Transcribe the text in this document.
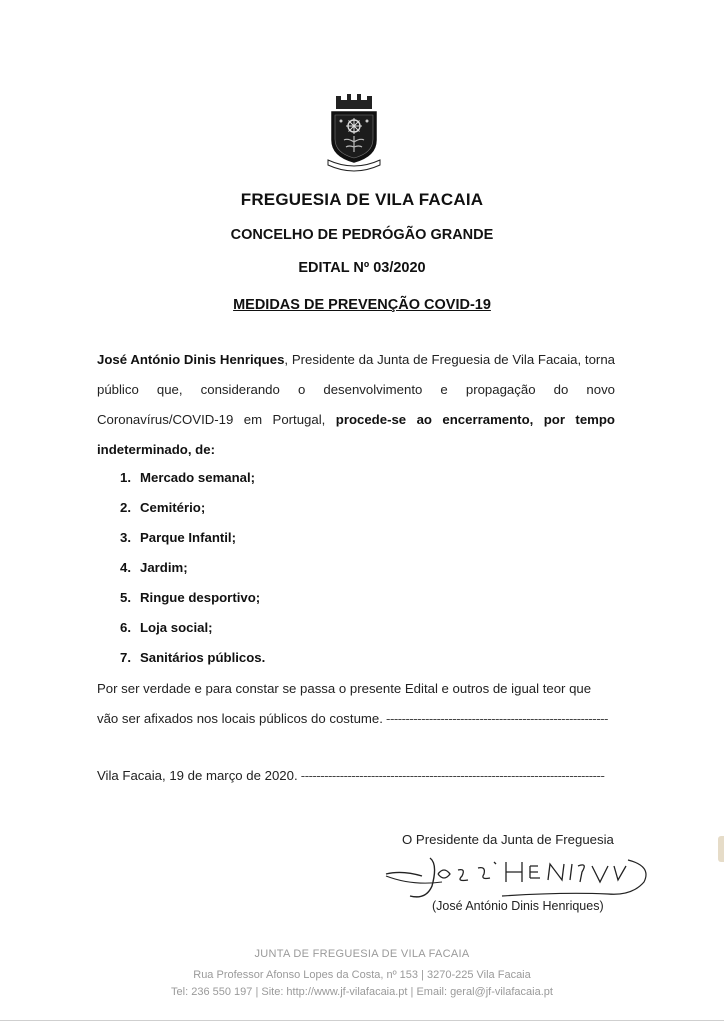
FREGUESIA DE VILA FACAIA
CONCELHO DE PEDRÓGÃO GRANDE
EDITAL Nº 03/2020
MEDIDAS DE PREVENÇÃO COVID-19
José António Dinis Henriques, Presidente da Junta de Freguesia de Vila Facaia, torna público que, considerando o desenvolvimento e propagação do novo Coronavírus/COVID-19 em Portugal, procede-se ao encerramento, por tempo indeterminado, de:
1. Mercado semanal;
2. Cemitério;
3. Parque Infantil;
4. Jardim;
5. Ringue desportivo;
6. Loja social;
7. Sanitários públicos.
Por ser verdade e para constar se passa o presente Edital e outros de igual teor que vão ser afixados nos locais públicos do costume. ---------------------------------------------------------
Vila Facaia, 19 de março de 2020. ------------------------------------------------------------------------------
O Presidente da Junta de Freguesia
(José António Dinis Henriques)
JUNTA DE FREGUESIA DE VILA FACAIA
Rua Professor Afonso Lopes da Costa, nº 153 | 3270-225 Vila Facaia
Tel: 236 550 197 | Site: http://www.jf-vilafacaia.pt | Email: geral@jf-vilafacaia.pt
